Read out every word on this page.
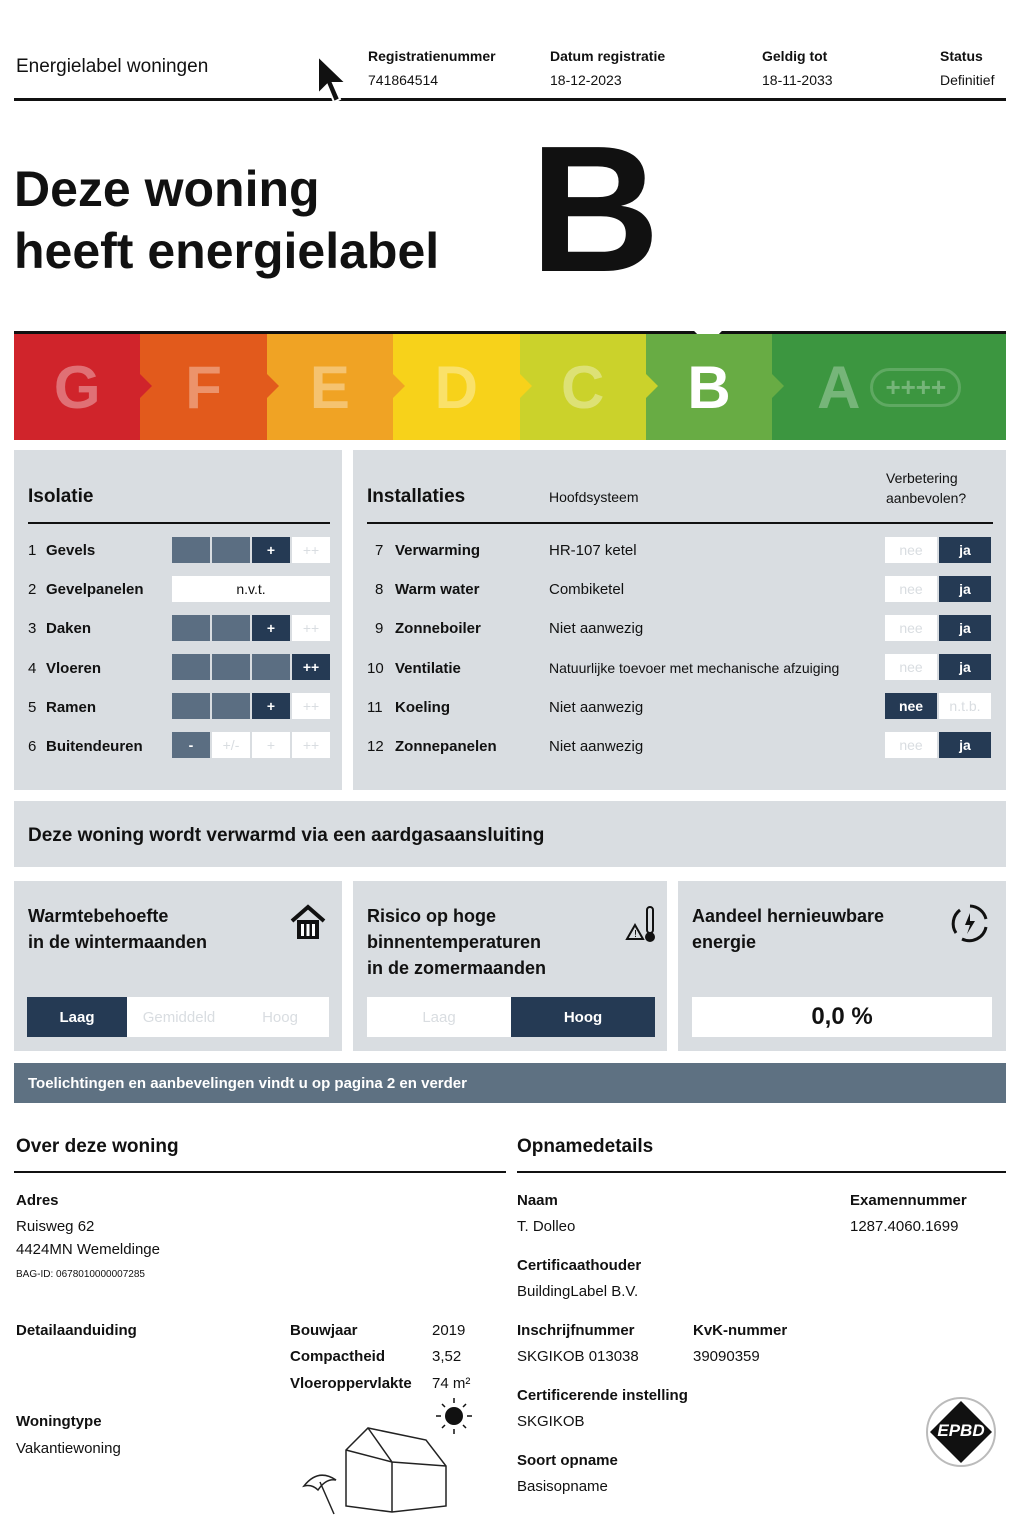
Energielabel woningen	Registratienummer
741864514
Datum registratie
18-12-2023
Geldig tot
18-11-2033
Status
Definitief
Deze woning
heeft energielabel B
G F E D C B A ++++
Isolatie
1 Gevels	+	++
2 Gevelpanelen	n.v.t.
3 Daken	+	++
4 Vloeren	++
5 Ramen	+	++
6 Buitendeuren	-	+/-	+	++
Installaties	Hoofdsysteem
Verbetering
aanbevolen?
7 Verwarming	HR-107 ketel	nee	ja
8 Warm water	Combiketel	nee	ja
9 Zonneboiler	Niet aanwezig	nee	ja
10 Ventilatie	Natuurlijke toevoer met mechanische afzuiging	nee	ja
11 Koeling	Niet aanwezig	nee	n.t.b.
12 Zonnepanelen	Niet aanwezig	nee	ja
Deze woning wordt verwarmd via een aardgasaansluiting
Warmtebehoefte
in de wintermaanden
Laag	Gemiddeld	Hoog
Risico op hoge
binnentemperaturen
in de zomermaanden
!
Laag	Hoog
Aandeel hernieuwbare
energie
0,0 %
Toelichtingen en aanbevelingen vindt u op pagina 2 en verder
Over deze woning
Adres
Ruisweg 62
4424MN Wemeldinge
BAG-ID: 0678010000007285
Detailaanduiding	Bouwjaar	2019
Compactheid	3,52
Vloeroppervlakte 74 m²
Woningtype
Vakantiewoning
Opnamedetails
Naam
T. Dolleo
Examennummer
1287.4060.1699
Certificaathouder
BuildingLabel B.V.
Inschrijfnummer
SKGIKOB 013038
KvK-nummer
39090359
Certificerende instelling
SKGIKOB
Soort opname
Basisopname
EPBD
